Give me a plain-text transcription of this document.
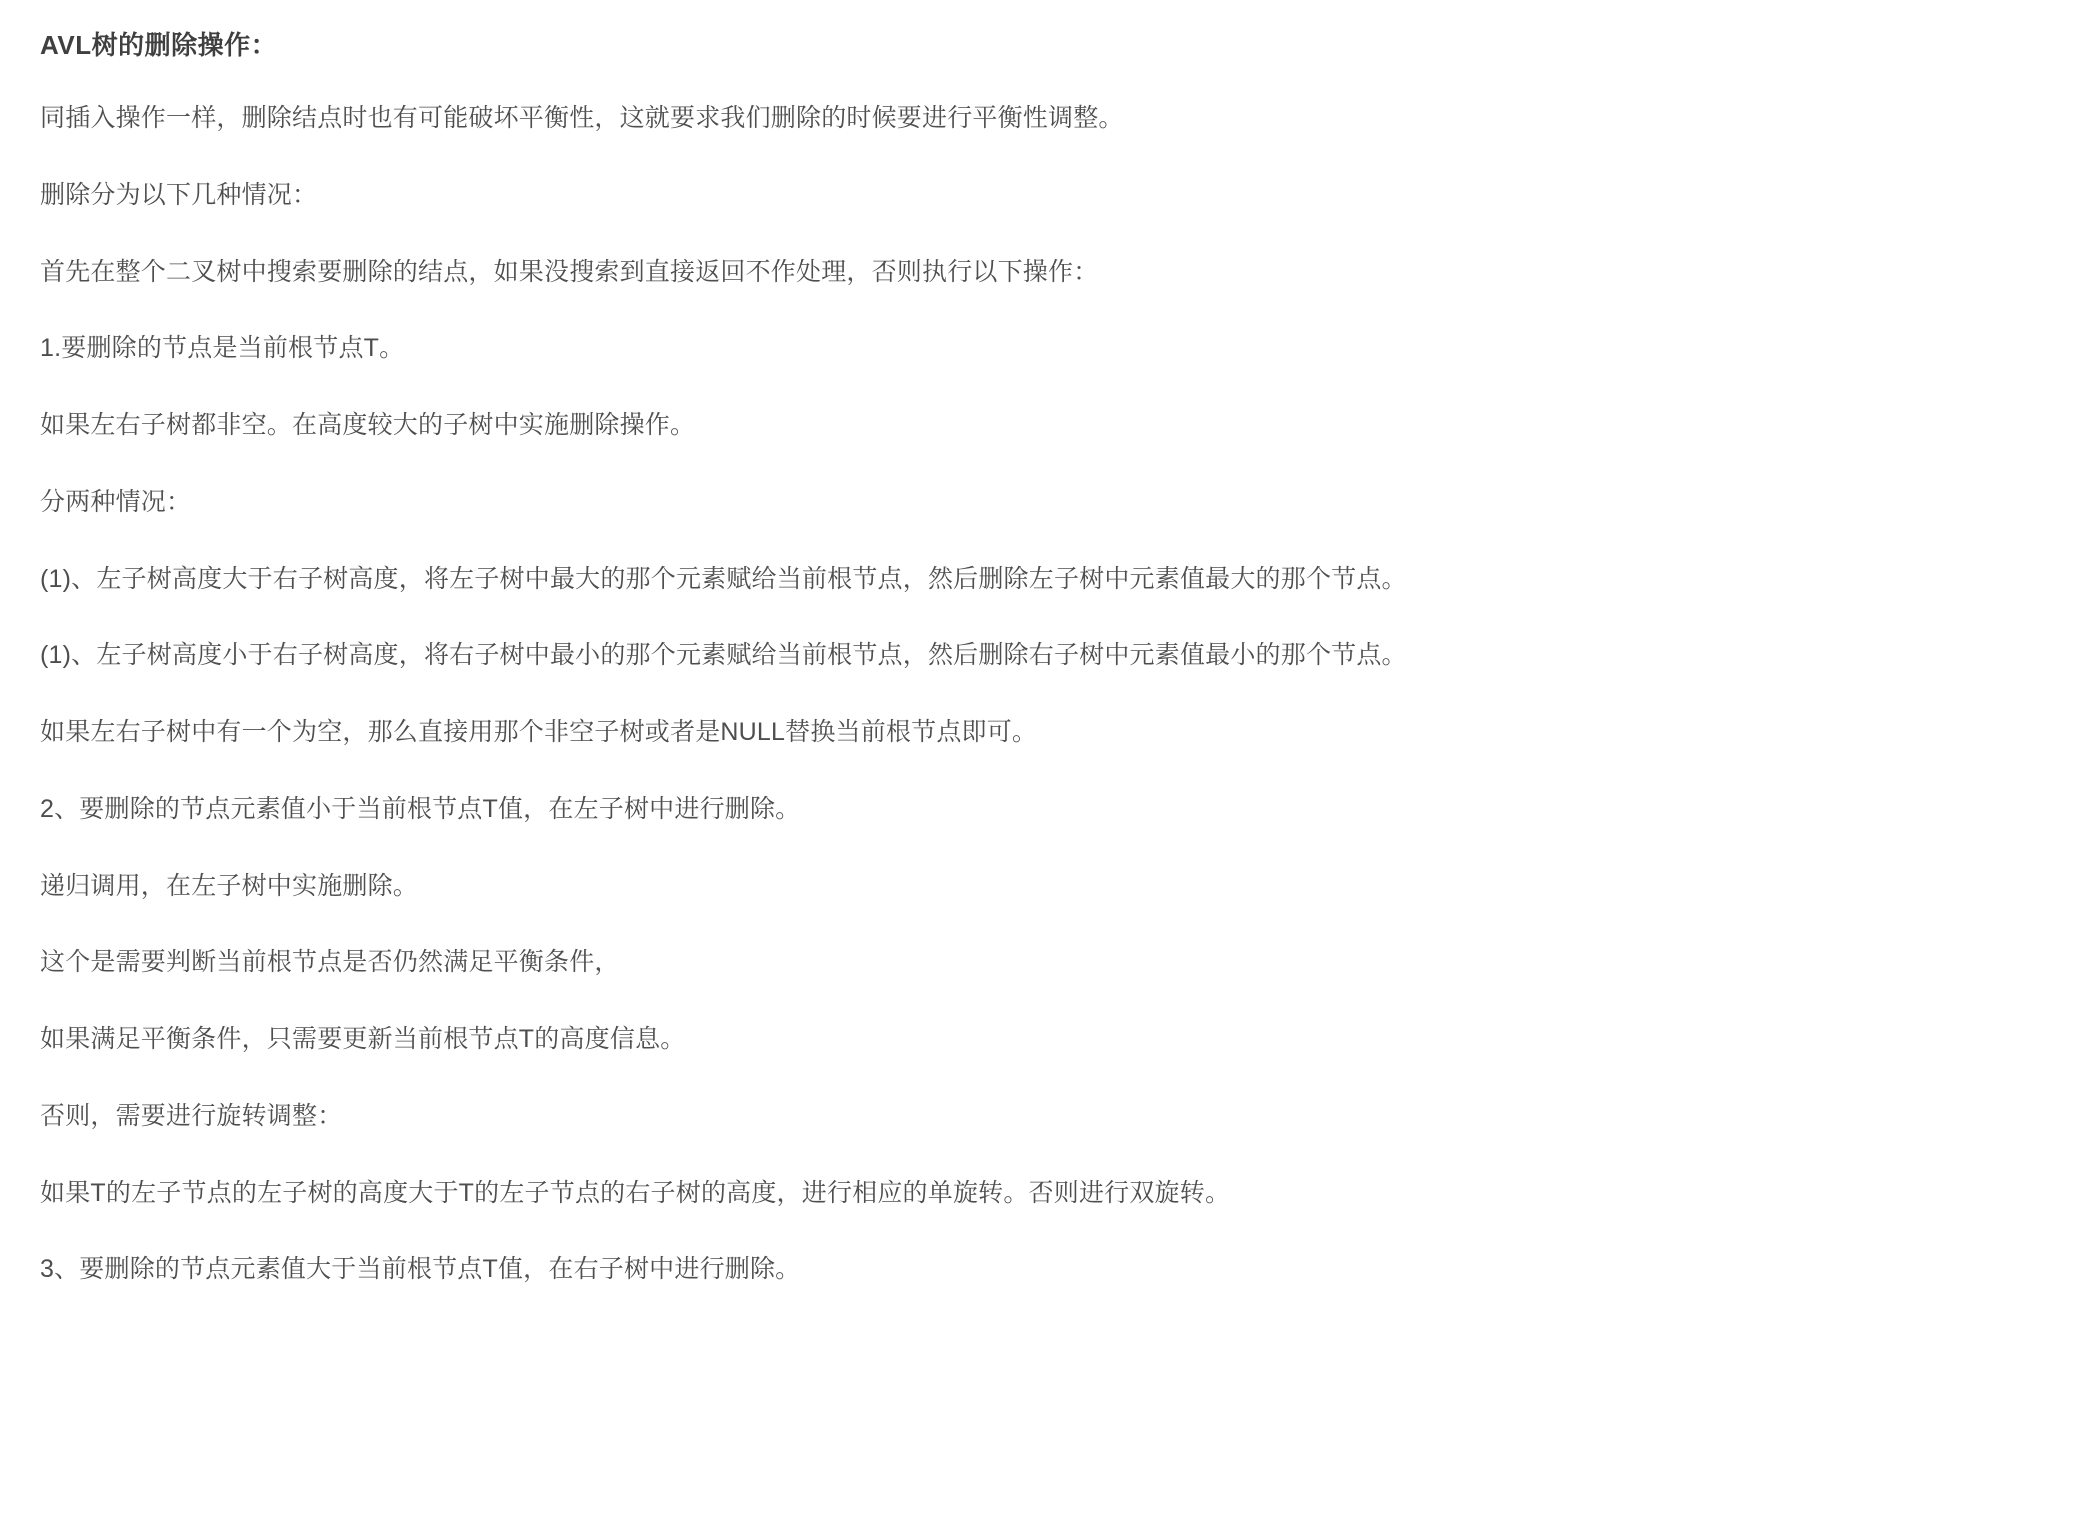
AVL树的删除操作：

同插入操作一样，删除结点时也有可能破坏平衡性，这就要求我们删除的时候要进行平衡性调整。

删除分为以下几种情况：

首先在整个二叉树中搜索要删除的结点，如果没搜索到直接返回不作处理，否则执行以下操作：

1.要删除的节点是当前根节点T。

如果左右子树都非空。在高度较大的子树中实施删除操作。

分两种情况：

(1)、左子树高度大于右子树高度，将左子树中最大的那个元素赋给当前根节点，然后删除左子树中元素值最大的那个节点。

(1)、左子树高度小于右子树高度，将右子树中最小的那个元素赋给当前根节点，然后删除右子树中元素值最小的那个节点。

如果左右子树中有一个为空，那么直接用那个非空子树或者是NULL替换当前根节点即可。

2、要删除的节点元素值小于当前根节点T值，在左子树中进行删除。

递归调用，在左子树中实施删除。

这个是需要判断当前根节点是否仍然满足平衡条件，

如果满足平衡条件，只需要更新当前根节点T的高度信息。

否则，需要进行旋转调整：

如果T的左子节点的左子树的高度大于T的左子节点的右子树的高度，进行相应的单旋转。否则进行双旋转。

3、要删除的节点元素值大于当前根节点T值，在右子树中进行删除。
